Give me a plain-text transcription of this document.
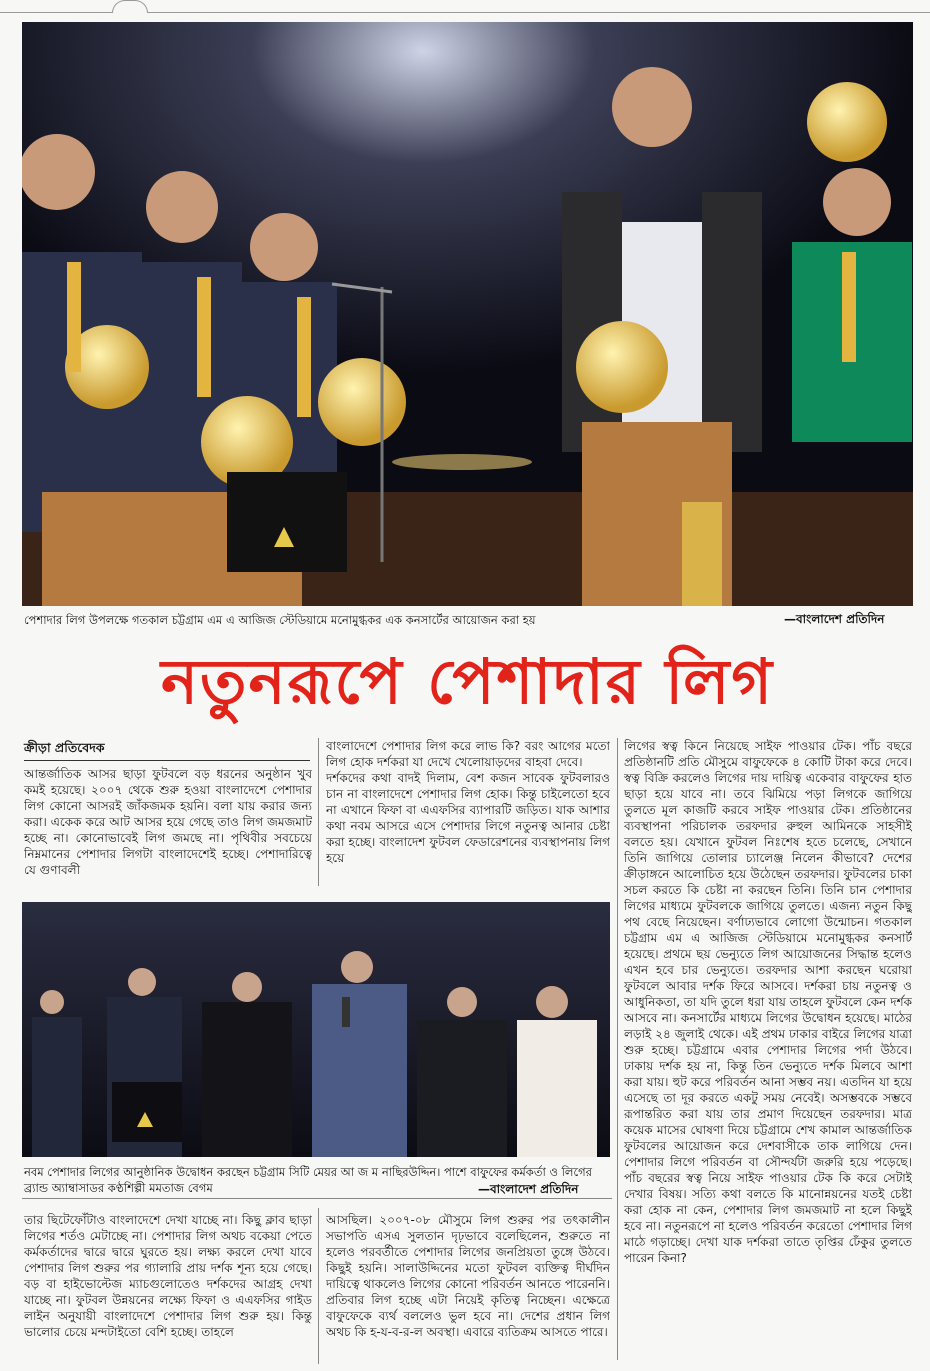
পেশাদার লিগ উপলক্ষে গতকাল চট্টগ্রাম এম এ আজিজ স্টেডিয়ামে মনোমুগ্ধকর এক কনসার্টের আয়োজন করা হয়	—বাংলাদেশ প্রতিদিন
নতুনরূপে পেশাদার লিগ
ক্রীড়া প্রতিবেদক

আন্তর্জাতিক আসর ছাড়া ফুটবলে বড় ধরনের অনুষ্ঠান খুব কমই হয়েছে। ২০০৭ থেকে শুরু হওয়া বাংলাদেশে পেশাদার লিগ কোনো আসরই জাঁকজমক হয়নি। বলা যায় করার জন্য করা। একেক করে আট আসর হয়ে গেছে তাও লিগ জমজমাট হচ্ছে না। কোনোভাবেই লিগ জমছে না। পৃথিবীর সবচেয়ে নিম্নমানের পেশাদার লিগটা বাংলাদেশেই হচ্ছে। পেশাদারিত্বে যে গুণাবলী

বাংলাদেশে পেশাদার লিগ করে লাভ কি? বরং আগের মতো লিগ হোক দর্শকরা যা দেখে খেলোয়াড়দের বাহবা দেবে।

দর্শকদের কথা বাদই দিলাম, বেশ কজন সাবেক ফুটবলারও চান না বাংলাদেশে পেশাদার লিগ হোক। কিন্তু চাইলেতো হবে না এখানে ফিফা বা এএফসির ব্যাপারটি জড়িত। যাক আশার কথা নবম আসরে এসে পেশাদার লিগে নতুনত্ব আনার চেষ্টা করা হচ্ছে। বাংলাদেশ ফুটবল ফেডারেশনের ব্যবস্থাপনায় লিগ হয়ে

লিগের স্বত্ব কিনে নিয়েছে সাইফ পাওয়ার টেক। পাঁচ বছরে প্রতিষ্ঠানটি প্রতি মৌসুমে বাফুফেকে ৪ কোটি টাকা করে দেবে। স্বত্ব বিক্রি করলেও লিগের দায় দায়িত্ব একেবার বাফুফের হাত ছাড়া হয়ে যাবে না। তবে ঝিমিয়ে পড়া লিগকে জাগিয়ে তুলতে মূল কাজটি করবে সাইফ পাওয়ার টেক। প্রতিষ্ঠানের ব্যবস্থাপনা পরিচালক তরফদার রুহুল আমিনকে সাহসীই বলতে হয়। যেখানে ফুটবল নিঃশেষ হতে চলেছে, সেখানে তিনি জাগিয়ে তোলার চ্যালেঞ্জ নিলেন কীভাবে? দেশের ক্রীড়াঙ্গনে আলোচিত হয়ে উঠেছেন তরফদার। ফুটবলের চাকা সচল করতে কি চেষ্টা না করছেন তিনি। তিনি চান পেশাদার লিগের মাধ্যমে ফুটবলকে জাগিয়ে তুলতে। এজন্য নতুন কিছু পথ বেছে নিয়েছেন। বর্ণাঢ্যভাবে লোগো উন্মোচন। গতকাল চট্টগ্রাম এম এ আজিজ স্টেডিয়ামে মনোমুগ্ধকর কনসার্ট হয়েছে। প্রথমে ছয় ভেন্যুতে লিগ আয়োজনের সিদ্ধান্ত হলেও এখন হবে চার ভেন্যুতে। তরফদার আশা করছেন ঘরোয়া ফুটবলে আবার দর্শক ফিরে আসবে। দর্শকরা চায় নতুনত্ব ও আধুনিকতা, তা যদি তুলে ধরা যায় তাহলে ফুটবলে কেন দর্শক আসবে না। কনসার্টের মাধ্যমে লিগের উদ্বোধন হয়েছে। মাঠের লড়াই ২৪ জুলাই থেকে। এই প্রথম ঢাকার বাইরে লিগের যাত্রা শুরু হচ্ছে। চট্টগ্রামে এবার পেশাদার লিগের পর্দা উঠবে। ঢাকায় দর্শক হয় না, কিন্তু তিন ভেন্যুতে দর্শক মিলবে আশা করা যায়। হুট করে পরিবর্তন আনা সম্ভব নয়। এতদিন যা হয়ে এসেছে তা দূর করতে একটু সময় নেবেই। অসম্ভবকে সম্ভবে রূপান্তরিত করা যায় তার প্রমাণ দিয়েছেন তরফদার। মাত্র কয়েক মাসের ঘোষণা দিয়ে চট্টগ্রামে শেখ কামাল আন্তর্জাতিক ফুটবলের আয়োজন করে দেশবাসীকে তাক লাগিয়ে দেন। পেশাদার লিগে পরিবর্তন বা সৌন্দর্যটা জরুরি হয়ে পড়েছে। পাঁচ বছরের স্বত্ব নিয়ে সাইফ পাওয়ার টেক কি করে সেটাই দেখার বিষয়। সত্যি কথা বলতে কি মানোন্নয়নের যতই চেষ্টা করা হোক না কেন, পেশাদার লিগ জমজমাট না হলে কিছুই হবে না। নতুনরূপে না হলেও পরিবর্তন করেতো পেশাদার লিগ মাঠে গড়াচ্ছে। দেখা যাক দর্শকরা তাতে তৃপ্তির ঢেঁকুর তুলতে পারেন কিনা?

নবম পেশাদার লিগের আনুষ্ঠানিক উদ্বোধন করছেন চট্টগ্রাম সিটি মেয়র আ জ ম নাছিরউদ্দিন। পাশে বাফুফের কর্মকর্তা ও লিগের ব্র্যান্ড অ্যাম্বাসাডর কণ্ঠশিল্পী মমতাজ বেগম	—বাংলাদেশ প্রতিদিন

তার ছিটেফোঁটাও বাংলাদেশে দেখা যাচ্ছে না। কিছু ক্লাব ছাড়া লিগের শর্তও মেটাচ্ছে না। পেশাদার লিগ অথচ বকেয়া পেতে কর্মকর্তাদের দ্বারে দ্বারে ঘুরতে হয়। লক্ষ্য করলে দেখা যাবে পেশাদার লিগ শুরুর পর গ্যালারি প্রায় দর্শক শূন্য হয়ে গেছে। বড় বা হাইভোল্টেজ ম্যাচগুলোতেও দর্শকদের আগ্রহ দেখা যাচ্ছে না। ফুটবল উন্নয়নের লক্ষ্যে ফিফা ও এএফসির গাইড লাইন অনুযায়ী বাংলাদেশে পেশাদার লিগ শুরু হয়। কিন্তু ভালোর চেয়ে মন্দটাইতো বেশি হচ্ছে। তাহলে

আসছিল। ২০০৭-০৮ মৌসুমে লিগ শুরুর পর তৎকালীন সভাপতি এসএ সুলতান দৃঢ়ভাবে বলেছিলেন, শুরুতে না হলেও পরবর্তীতে পেশাদার লিগের জনপ্রিয়তা তুঙ্গে উঠবে। কিছুই হয়নি। সালাউদ্দিনের মতো ফুটবল ব্যক্তিত্ব দীর্ঘদিন দায়িত্বে থাকলেও লিগের কোনো পরিবর্তন আনতে পারেননি। প্রতিবার লিগ হচ্ছে এটা নিয়েই কৃতিত্ব নিচ্ছেন। এক্ষেত্রে বাফুফেকে ব্যর্থ বললেও ভুল হবে না। দেশের প্রধান লিগ অথচ কি হ-য-ব-র-ল অবস্থা। এবারে ব্যতিক্রম আসতে পারে।
